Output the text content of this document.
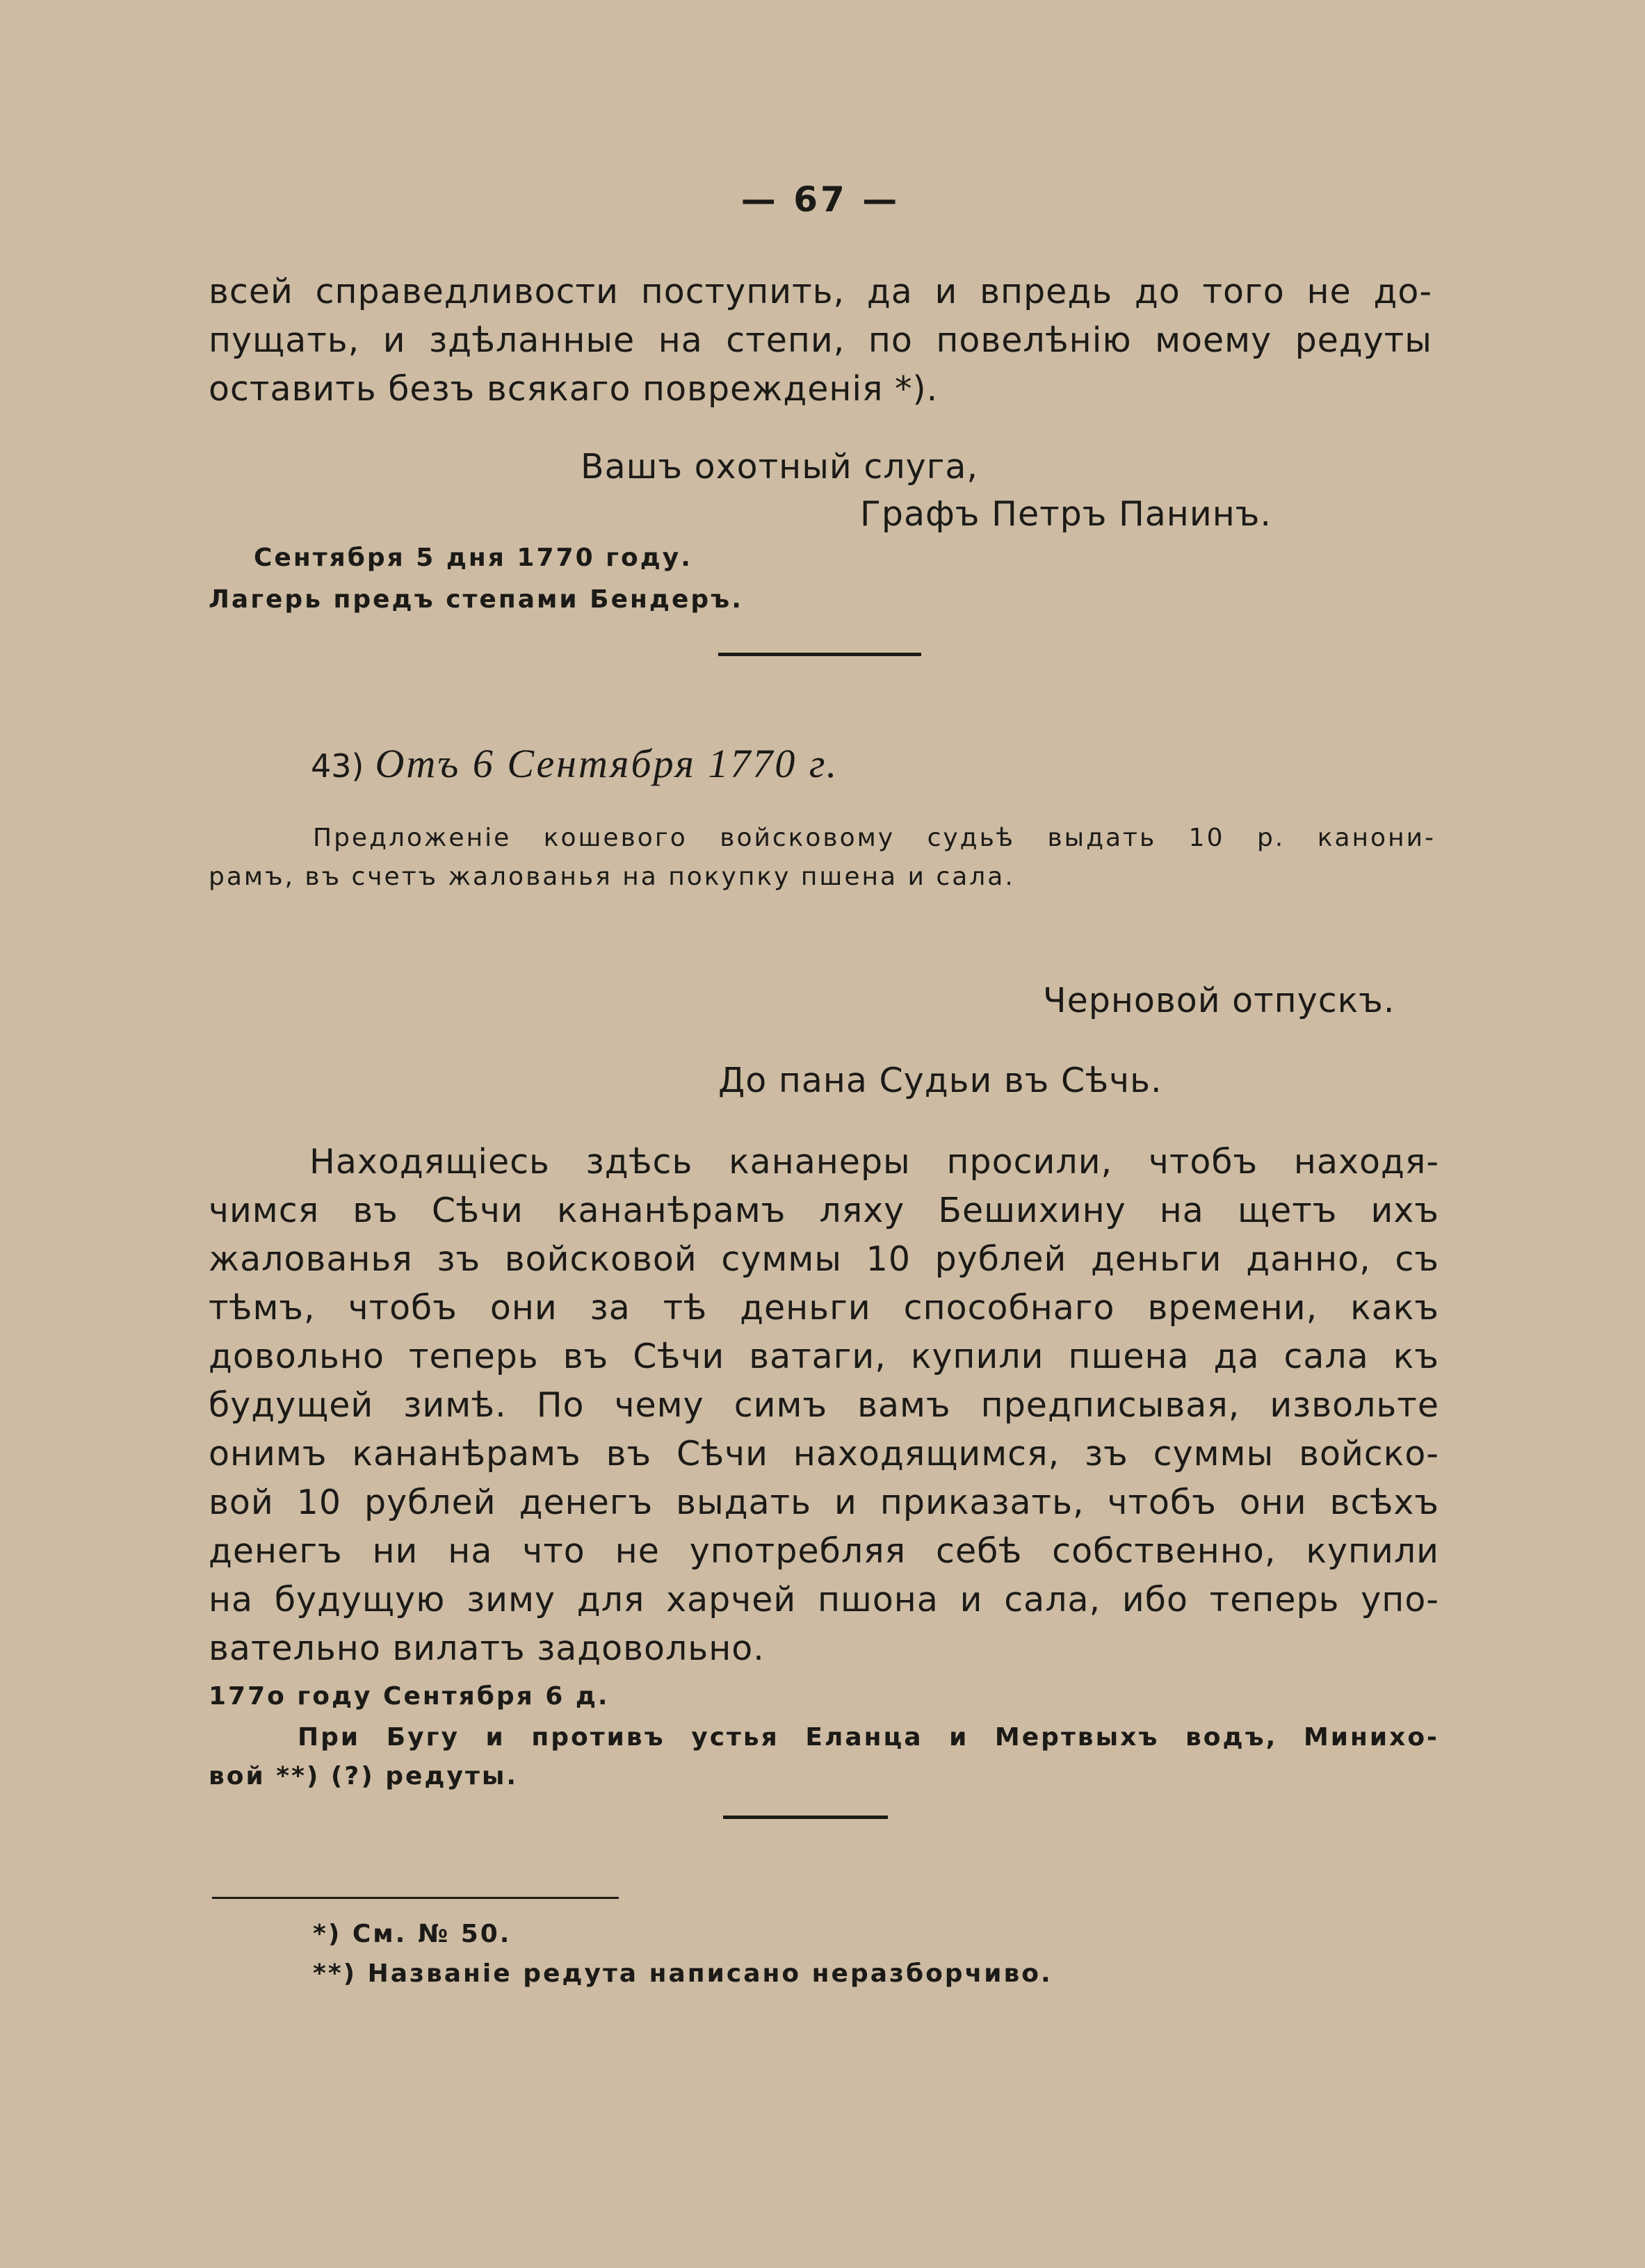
— 67 —
всей справедливости поступить, да и впредь до того не до-
пущать, и здѣланные на степи, по повелѣнію моему редуты
оставить безъ всякаго поврежденія *).
Вашъ охотный слуга,
Графъ Петръ Панинъ.
Сентября 5 дня 1770 году.
Лагерь предъ степами Бендеръ.
43) Отъ 6 Сентября 1770 г.
Предложеніе кошевого войсковому судьѣ выдать 10 р. канони-
рамъ, въ счетъ жалованья на покупку пшена и сала.
Черновой отпускъ.
До пана Судьи въ Сѣчь.
Находящіесь здѣсь кананеры просили, чтобъ находя-
чимся въ Сѣчи кананѣрамъ ляху Бешихину на щетъ ихъ
жалованья зъ войсковой суммы 10 рублей деньги данно, съ
тѣмъ, чтобъ они за тѣ деньги способнаго времени, какъ
довольно теперь въ Сѣчи ватаги, купили пшена да сала къ
будущей зимѣ. По чему симъ вамъ предписывая, извольте
онимъ кананѣрамъ въ Сѣчи находящимся, зъ суммы войско-
вой 10 рублей денегъ выдать и приказать, чтобъ они всѣхъ
денегъ ни на что не употребляя себѣ собственно, купили
на будущую зиму для харчей пшона и сала, ибо теперь упо-
вательно вилатъ задовольно.
177о году Сентября 6 д.
При Бугу и противъ устья Еланца и Мертвыхъ водъ, Минихо-
вой **) (?) редуты.
*) См. № 50.
**) Названіе редута написано неразборчиво.
